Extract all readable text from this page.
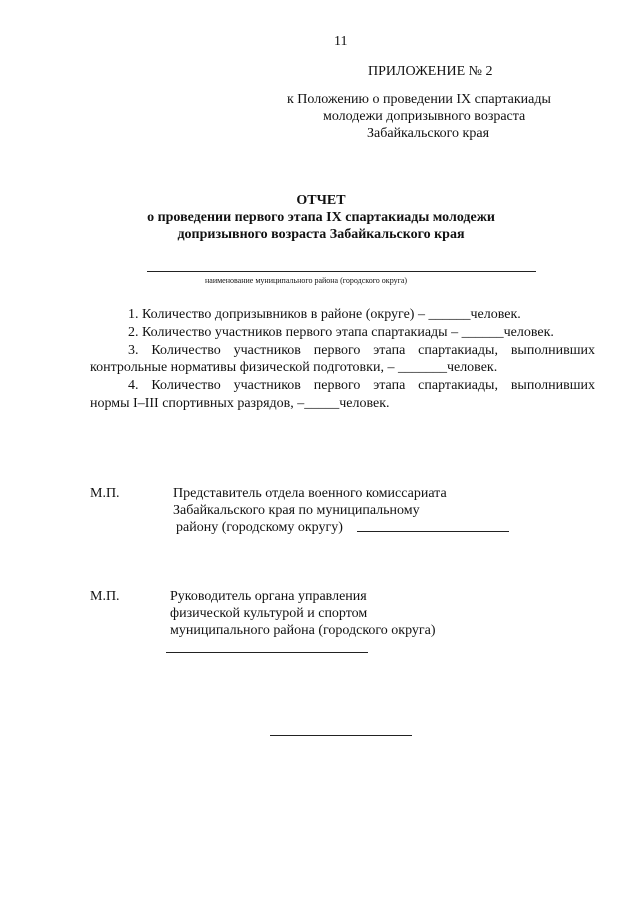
11
ПРИЛОЖЕНИЕ № 2
к Положению о проведении IX спартакиады
молодежи допризывного возраста
Забайкальского края
ОТЧЕТ
о проведении первого этапа IX спартакиады молодежи
допризывного возраста Забайкальского края
наименование муниципального района (городского округа)
1. Количество допризывников в районе (округе) – ______человек.
2. Количество участников первого этапа спартакиады – ______человек.
3. Количество участников первого этапа спартакиады, выполнивших
контрольные нормативы физической подготовки, – _______человек.
4. Количество участников первого этапа спартакиады, выполнивших
нормы I–III спортивных разрядов, –_____человек.
М.П.	Представитель отдела военного комиссариата
Забайкальского края по муниципальному
району (городскому округу)
М.П.	Руководитель органа управления
физической культурой и спортом
муниципального района (городского округа)
